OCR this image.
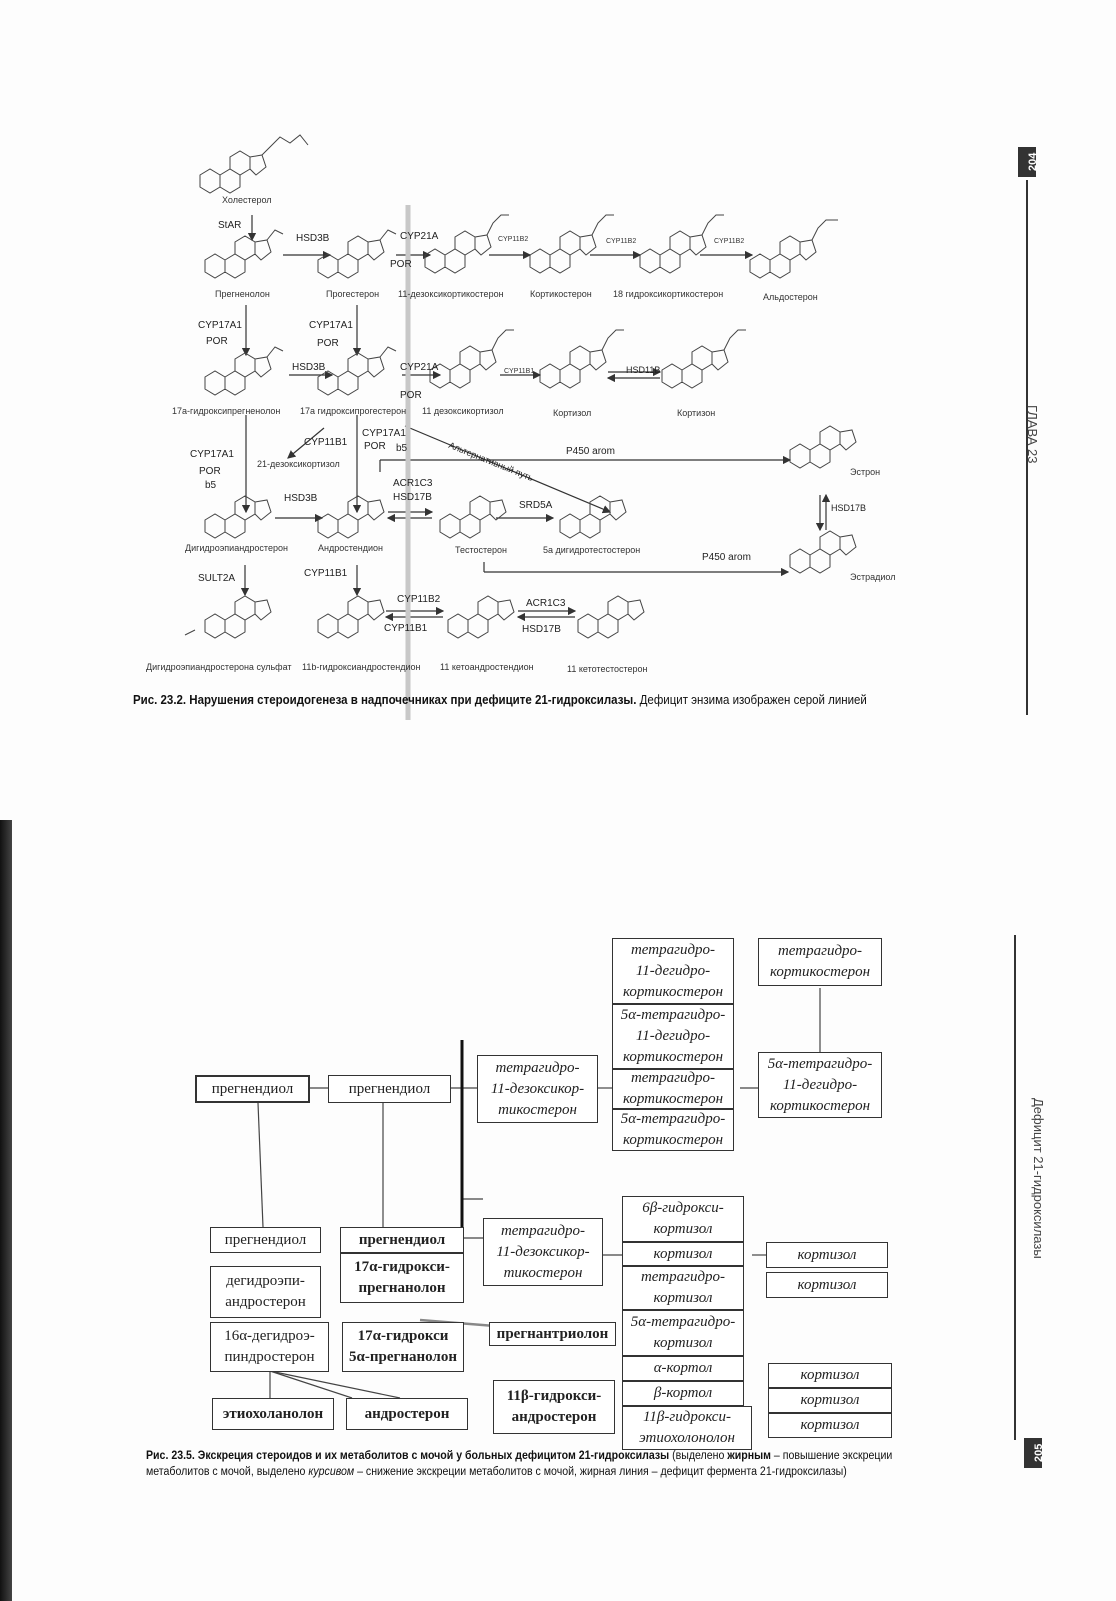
204
ГЛАВА 23
Холестерол
Прегненолон	Прогестерон 11-дезоксикортикостерон	Кортикостерон 18 гидроксикортикостерон	Альдостерон
17а-гидроксипрегненолон 17а гидроксипрогестерон 11 дезоксикортизол	Кортизол	Кортизон
21-дезоксикортизол
Эстрон
Дигидроэпиандростерон	Андростендион	Тестостерон	5а дигидротестостерон
Эстрадиол
Дигидроэпиандростерона сульфат 11b-гидроксиандростендион 11 кетоандростендион	11 кетотестостерон
StAR
HSD3B	CYP21A
POR
CYP11B2	CYP11B2	CYP11B2
CYP17A1
POR
CYP17A1
POR
HSD3B	CYP21A
POR
CYP11B1	HSD11B
CYP11B1
CYP17A1
POR b5	Альтернативный путь	P450 arom
CYP17A1
POR
b5
HSD3B
ACR1C3
HSD17B
SRD5A	HSD17B
SULT2A	CYP11B1
P450 arom
CYP11B2
CYP11B1
ACR1C3
HSD17B
Рис. 23.2. Нарушения стероидогенеза в надпочечниках при дефиците 21-гидроксилазы. Дефицит энзима изображен серой линией
205
Дефицит 21-гидроксилазы
прегнендиол	прегнендиол
тетрагидро-
11-дезоксикор-
тикостерон
тетрагидро-
11-дегидро-
кортикостерон
5α-тетрагидро-
11-дегидро-
кортикостерон
тетрагидро-
кортикостерон
5α-тетрагидро-
кортикостерон
тетрагидро-
кортикостерон
5α-тетрагидро-
11-дегидро-
кортикостерон
прегнендиол	прегнендиол
17α-гидрокси-
прегнанолон
тетрагидро-
11-дезоксикор-
тикостерон
6β-гидрокси-
кортизол
кортизол
тетрагидро-
кортизол
5α-тетрагидро-
кортизол
α-кортол
β-кортол
11β-гидрокси-
этиохолонолон
кортизол
кортизол
дегидроэпи-
андростерон
16α-дегидроэ-
пиндростерон
17α-гидрокси
5α-прегнанолон
прегнантриолон
этиохоланолон	андростерон
11β-гидрокси-
андростерон
кортизол
кортизол
кортизол
Рис. 23.5. Экскреция стероидов и их метаболитов с мочой у больных дефицитом 21-гидроксилазы (выделено жирным – повышение экскреции
метаболитов с мочой, выделено курсивом – снижение экскреции метаболитов с мочой, жирная линия – дефицит фермента 21-гидроксилазы)
